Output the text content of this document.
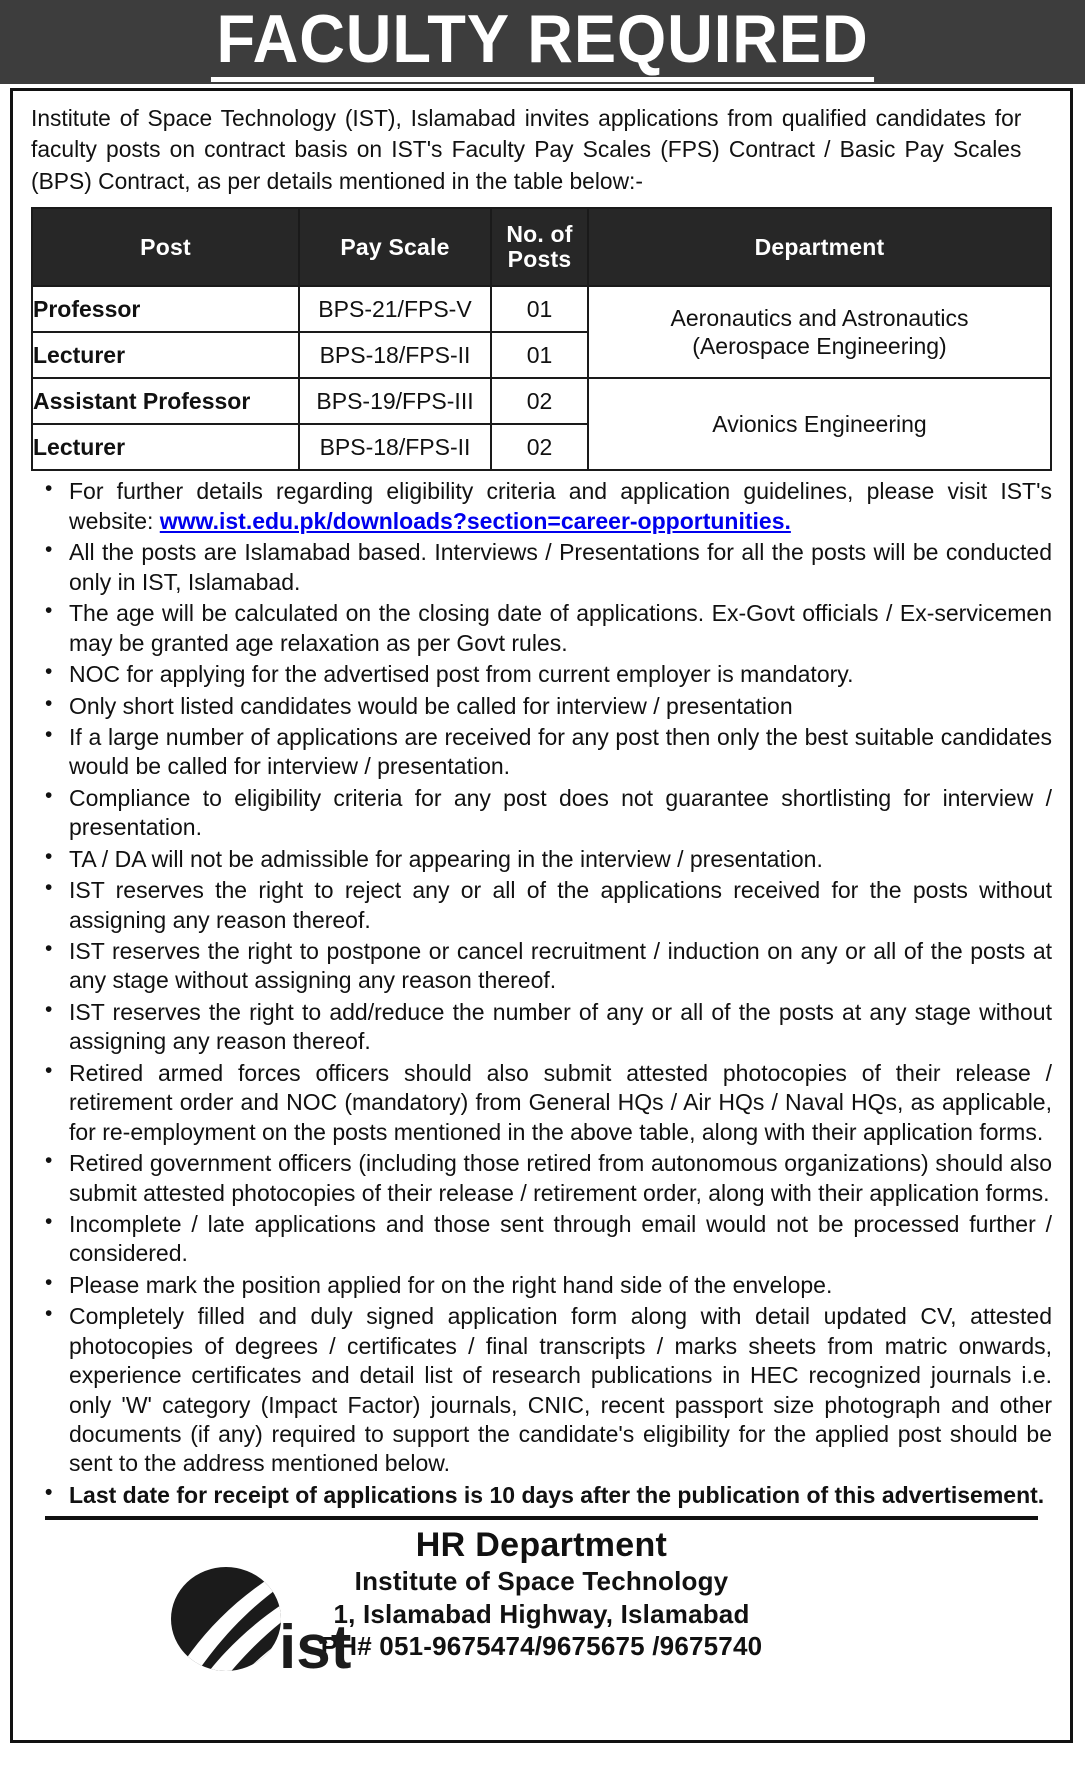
FACULTY REQUIRED

Institute of Space Technology (IST), Islamabad invites applications from qualified candidates for faculty posts on contract basis on IST's Faculty Pay Scales (FPS) Contract / Basic Pay Scales (BPS) Contract, as per details mentioned in the table below:-

Post	Pay Scale	No. of Posts	Department
Professor	BPS-21/FPS-V	01	Aeronautics and Astronautics
(Aerospace Engineering)

Lecturer	BPS-18/FPS-II	01	
Assistant Professor	BPS-19/FPS-III	02	Avionics Engineering

Lecturer	BPS-18/FPS-II	02	
• For further details regarding eligibility criteria and application guidelines, please visit IST's website: www.ist.edu.pk/downloads?section=career-opportunities.
• All the posts are Islamabad based. Interviews / Presentations for all the posts will be conducted only in IST, Islamabad.
• The age will be calculated on the closing date of applications. Ex-Govt officials / Ex-servicemen may be granted age relaxation as per Govt rules.
• NOC for applying for the advertised post from current employer is mandatory.
• Only short listed candidates would be called for interview / presentation
• If a large number of applications are received for any post then only the best suitable candidates would be called for interview / presentation.
• Compliance to eligibility criteria for any post does not guarantee shortlisting for interview / presentation.
• TA / DA will not be admissible for appearing in the interview / presentation.
• IST reserves the right to reject any or all of the applications received for the posts without assigning any reason thereof.
• IST reserves the right to postpone or cancel recruitment / induction on any or all of the posts at any stage without assigning any reason thereof.
• IST reserves the right to add/reduce the number of any or all of the posts at any stage without assigning any reason thereof.
• Retired armed forces officers should also submit attested photocopies of their release / retirement order and NOC (mandatory) from General HQs / Air HQs / Naval HQs, as applicable, for re-employment on the posts mentioned in the above table, along with their application forms.
• Retired government officers (including those retired from autonomous organizations) should also submit attested photocopies of their release / retirement order, along with their application forms.
• Incomplete / late applications and those sent through email would not be processed further / considered.
• Please mark the position applied for on the right hand side of the envelope.
• Completely filled and duly signed application form along with detail updated CV, attested photocopies of degrees / certificates / final transcripts / marks sheets from matric onwards, experience certificates and detail list of research publications in HEC recognized journals i.e. only 'W' category (Impact Factor) journals, CNIC, recent passport size photograph and other documents (if any) required to support the candidate's eligibility for the applied post should be sent to the address mentioned below.
• Last date for receipt of applications is 10 days after the publication of this advertisement.
ist
HR Department
Institute of Space Technology
1, Islamabad Highway, Islamabad
PH# 051-9675474/9675675 /9675740
